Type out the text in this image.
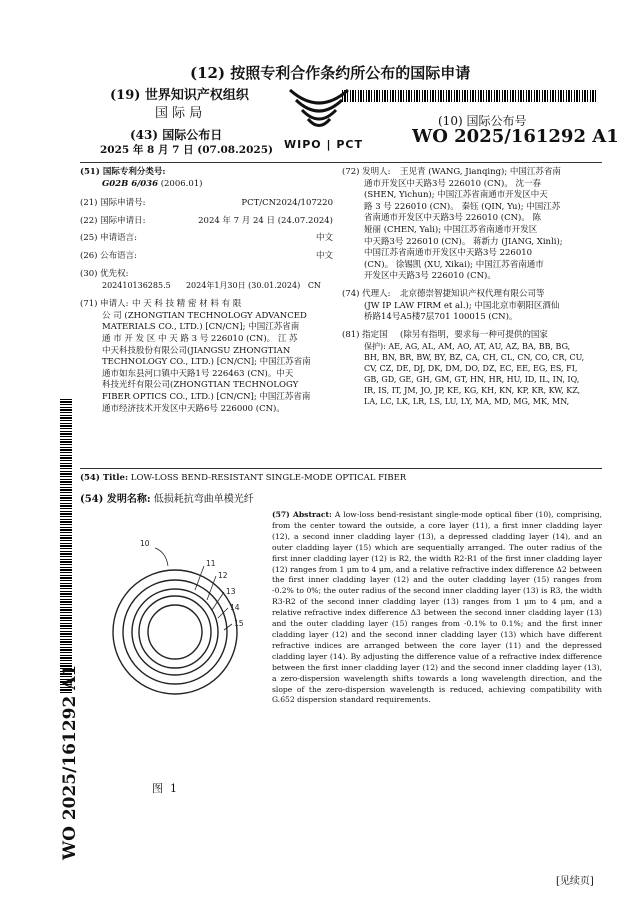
(12) 按照专利合作条约所公布的国际申请
(19) 世界知识产权组织
国 际 局
(43) 国际公布日
2025 年 8 月 7 日 (07.08.2025) WIPO | PCT
(10) 国际公布号
WO 2025/161292 A1
(51) 国际专利分类号:
G02B 6/036 (2006.01)
(21) 国际申请号:	PCT/CN2024/107220
(22) 国际申请日:	2024 年 7 月 24 日 (24.07.2024)
(25) 申请语言:	中文
(26) 公布语言:	中文
(30) 优先权:
202410136285.5      2024年1月30日 (30.01.2024)   CN
(71) 申请人: 中 天 科 技 精 密 材 料 有 限
公 司 (ZHONGTIAN TECHNOLOGY ADVANCED
MATERIALS CO., LTD.) [CN/CN]; 中国江苏省南
通 市 开 发 区 中 天 路 3 号 226010 (CN)。 江 苏
中天科技股份有限公司(JIANGSU ZHONGTIAN
TECHNOLOGY CO., LTD.) [CN/CN]; 中国江苏省南
通市如东县河口镇中天路1号 226463 (CN)。中天
科技光纤有限公司(ZHONGTIAN TECHNOLOGY
FIBER OPTICS CO., LTD.) [CN/CN]; 中国江苏省南
通市经济技术开发区中天路6号 226000 (CN)。
(72) 发明人:	王见青 (WANG, Jianqing); 中国江苏省南
通市开发区中天路3号 226010 (CN)。 沈一春
(SHEN, Yichun); 中国江苏省南通市开发区中天
路 3 号 226010 (CN)。 秦钰 (QIN, Yu); 中国江苏
省南通市开发区中天路3号 226010 (CN)。 陈
娅丽 (CHEN, Yali); 中国江苏省南通市开发区
中天路3号 226010 (CN)。 蒋新力 (JIANG, Xinli);
中国江苏省南通市开发区中天路3号 226010
(CN)。 徐锡凯 (XU, Xikai); 中国江苏省南通市
开发区中天路3号 226010 (CN)。
(74) 代理人:	北京德崇智捷知识产权代理有限公司等
(JW IP LAW FIRM et al.); 中国北京市朝阳区酒仙
桥路14号A5楼7层701 100015 (CN)。
(81) 指定国	(除另有指明，要求每一种可提供的国家
保护): AE, AG, AL, AM, AO, AT, AU, AZ, BA, BB, BG,
BH, BN, BR, BW, BY, BZ, CA, CH, CL, CN, CO, CR, CU,
CV, CZ, DE, DJ, DK, DM, DO, DZ, EC, EE, EG, ES, FI,
GB, GD, GE, GH, GM, GT, HN, HR, HU, ID, IL, IN, IQ,
IR, IS, IT, JM, JO, JP, KE, KG, KH, KN, KP, KR, KW, KZ,
LA, LC, LK, LR, LS, LU, LY, MA, MD, MG, MK, MN,
(54) Title: LOW-LOSS BEND-RESISTANT SINGLE-MODE OPTICAL FIBER
(54) 发明名称: 低损耗抗弯曲单模光纤
10
11
12
13
14
15
图  1
(57) Abstract: A low-loss bend-resistant single-mode optical fiber (10), comprising, from the center toward the outside, a core layer (11), a first inner cladding layer (12), a second inner cladding layer (13), a depressed cladding layer (14), and an outer cladding layer (15) which are sequentially arranged. The outer radius of the first inner cladding layer (12) is R2, the width R2-R1 of the first inner cladding layer (12) ranges from 1 μm to 4 μm, and a relative refractive index difference Δ2 between the first inner cladding layer (12) and the outer cladding layer (15) ranges from -0.2% to 0%; the outer radius of the second inner cladding layer (13) is R3, the width R3-R2 of the second inner cladding layer (13) ranges from 1 μm to 4 μm, and a relative refractive index difference Δ3 between the second inner cladding layer (13) and the outer cladding layer (15) ranges from -0.1% to 0.1%; and the first inner cladding layer (12) and the second inner cladding layer (13) which have different refractive indices are arranged between the core layer (11) and the depressed cladding layer (14). By adjusting the difference value of a refractive index difference between the first inner cladding layer (12) and the second inner cladding layer (13), a zero-dispersion wavelength shifts towards a long wavelength direction, and the slope of the zero-dispersion wavelength is reduced, achieving compatibility with G.652 dispersion standard requirements.
WO 2025/161292 A1
[见续页]
